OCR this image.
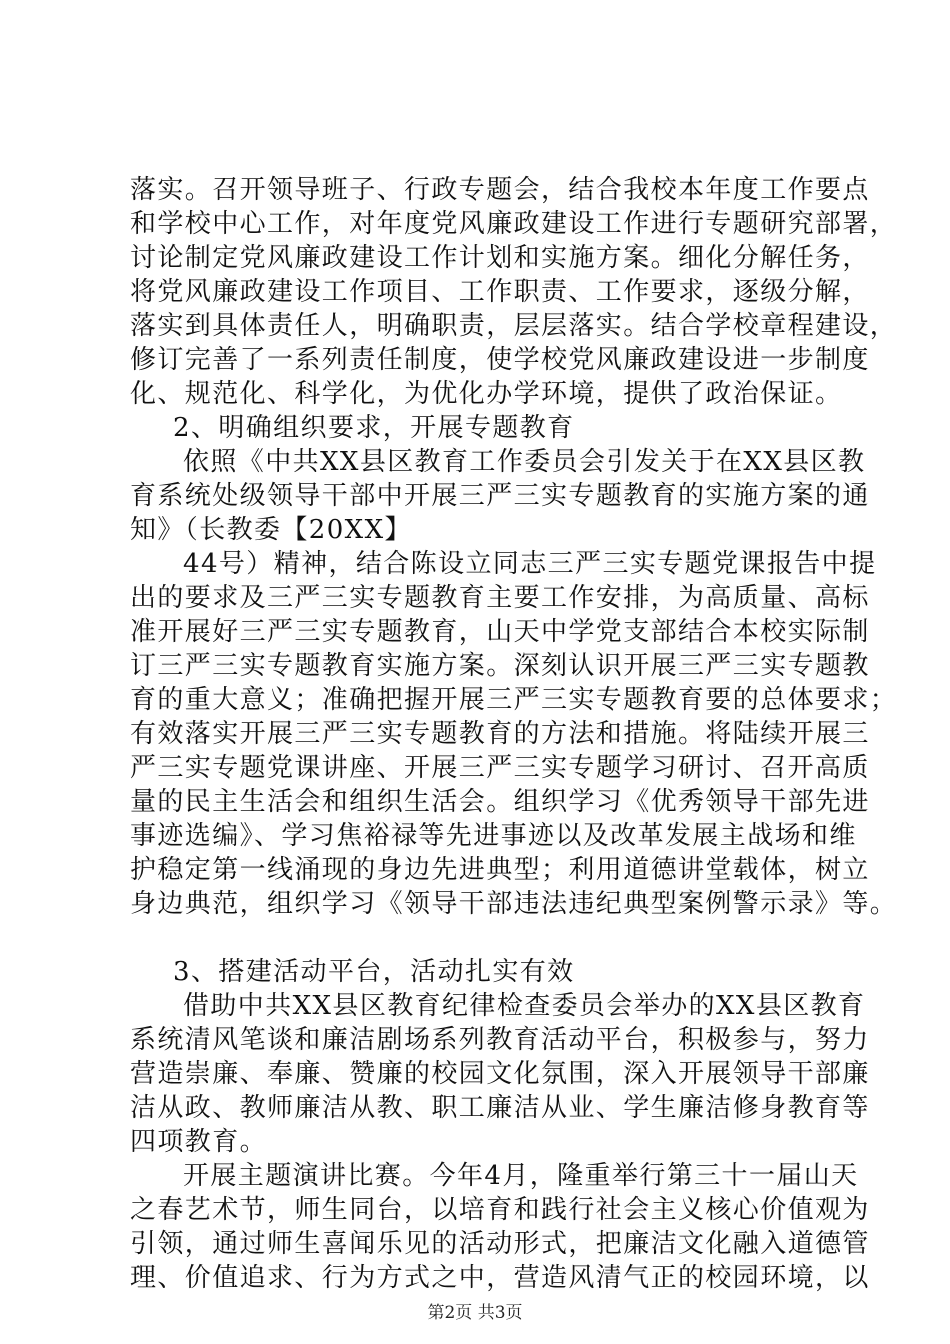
落实。召开领导班子、行政专题会，结合我校本年度工作要点
和学校中心工作，对年度党风廉政建设工作进行专题研究部署，
讨论制定党风廉政建设工作计划和实施方案。细化分解任务，
将党风廉政建设工作项目、工作职责、工作要求，逐级分解，
落实到具体责任人，明确职责，层层落实。结合学校章程建设，
修订完善了一系列责任制度，使学校党风廉政建设进一步制度
化、规范化、科学化，为优化办学环境，提供了政治保证。
2、明确组织要求，开展专题教育
依照《中共XX县区教育工作委员会引发关于在XX县区教
育系统处级领导干部中开展三严三实专题教育的实施方案的通
知》（长教委【20XX】
44号）精神，结合陈设立同志三严三实专题党课报告中提
出的要求及三严三实专题教育主要工作安排，为高质量、高标
准开展好三严三实专题教育，山天中学党支部结合本校实际制
订三严三实专题教育实施方案。深刻认识开展三严三实专题教
育的重大意义；准确把握开展三严三实专题教育要的总体要求；
有效落实开展三严三实专题教育的方法和措施。将陆续开展三
严三实专题党课讲座、开展三严三实专题学习研讨、召开高质
量的民主生活会和组织生活会。组织学习《优秀领导干部先进
事迹选编》、学习焦裕禄等先进事迹以及改革发展主战场和维
护稳定第一线涌现的身边先进典型；利用道德讲堂载体，树立
身边典范，组织学习《领导干部违法违纪典型案例警示录》等。
3、搭建活动平台，活动扎实有效
借助中共XX县区教育纪律检查委员会举办的XX县区教育
系统清风笔谈和廉洁剧场系列教育活动平台，积极参与，努力
营造崇廉、奉廉、赞廉的校园文化氛围，深入开展领导干部廉
洁从政、教师廉洁从教、职工廉洁从业、学生廉洁修身教育等
四项教育。
开展主题演讲比赛。今年4月，隆重举行第三十一届山天
之春艺术节，师生同台，以培育和践行社会主义核心价值观为
引领，通过师生喜闻乐见的活动形式，把廉洁文化融入道德管
理、价值追求、行为方式之中，营造风清气正的校园环境，以
第2页 共3页
